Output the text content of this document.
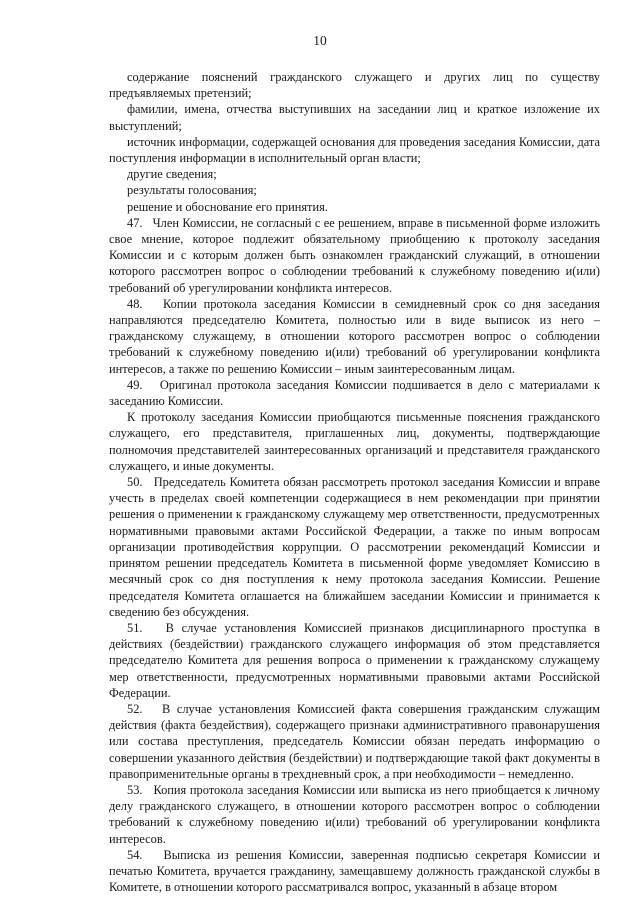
10

содержание пояснений гражданского служащего и других лиц по существу предъявляемых претензий;

фамилии, имена, отчества выступивших на заседании лиц и краткое изложение их выступлений;

источник информации, содержащей основания для проведения заседания Комиссии, дата поступления информации в исполнительный орган власти;

другие сведения;

результаты голосования;

решение и обоснование его принятия.

47.   Член Комиссии, не согласный с ее решением, вправе в письменной форме изложить свое мнение, которое подлежит обязательному приобщению к протоколу заседания Комиссии и с которым должен быть ознакомлен гражданский служащий, в отношении которого рассмотрен вопрос о соблюдении требований к служебному поведению и(или) требований об урегулировании конфликта интересов.

48.   Копии протокола заседания Комиссии в семидневный срок со дня заседания направляются председателю Комитета, полностью или в виде выписок из него – гражданскому служащему, в отношении которого рассмотрен вопрос о соблюдении требований к служебному поведению и(или) требований об урегулировании конфликта интересов, а также по решению Комиссии – иным заинтересованным лицам.

49.   Оригинал протокола заседания Комиссии подшивается в дело с материалами к заседанию Комиссии.

К протоколу заседания Комиссии приобщаются письменные пояснения гражданского служащего, его представителя, приглашенных лиц, документы, подтверждающие полномочия представителей заинтересованных организаций и представителя гражданского служащего, и иные документы.

50.   Председатель Комитета обязан рассмотреть протокол заседания Комиссии и вправе учесть в пределах своей компетенции содержащиеся в нем рекомендации при принятии решения о применении к гражданскому служащему мер ответственности, предусмотренных нормативными правовыми актами Российской Федерации, а также по иным вопросам организации противодействия коррупции. О рассмотрении рекомендаций Комиссии и принятом решении председатель Комитета в письменной форме уведомляет Комиссию в месячный срок со дня поступления к нему протокола заседания Комиссии. Решение председателя Комитета оглашается на ближайшем заседании Комиссии и принимается к сведению без обсуждения.

51.   В случае установления Комиссией признаков дисциплинарного проступка в действиях (бездействии) гражданского служащего информация об этом представляется председателю Комитета для решения вопроса о применении к гражданскому служащему мер ответственности, предусмотренных нормативными правовыми актами Российской Федерации.

52.   В случае установления Комиссией факта совершения гражданским служащим действия (факта бездействия), содержащего признаки административного правонарушения или состава преступления, председатель Комиссии обязан передать информацию о совершении указанного действия (бездействии) и подтверждающие такой факт документы в правоприменительные органы в трехдневный срок, а при необходимости – немедленно.

53.   Копия протокола заседания Комиссии или выписка из него приобщается к личному делу гражданского служащего, в отношении которого рассмотрен вопрос о соблюдении требований к служебному поведению и(или) требований об урегулировании конфликта интересов.

54.   Выписка из решения Комиссии, заверенная подписью секретаря Комиссии и печатью Комитета, вручается гражданину, замещавшему должность гражданской службы в Комитете, в отношении которого рассматривался вопрос, указанный в абзаце втором
